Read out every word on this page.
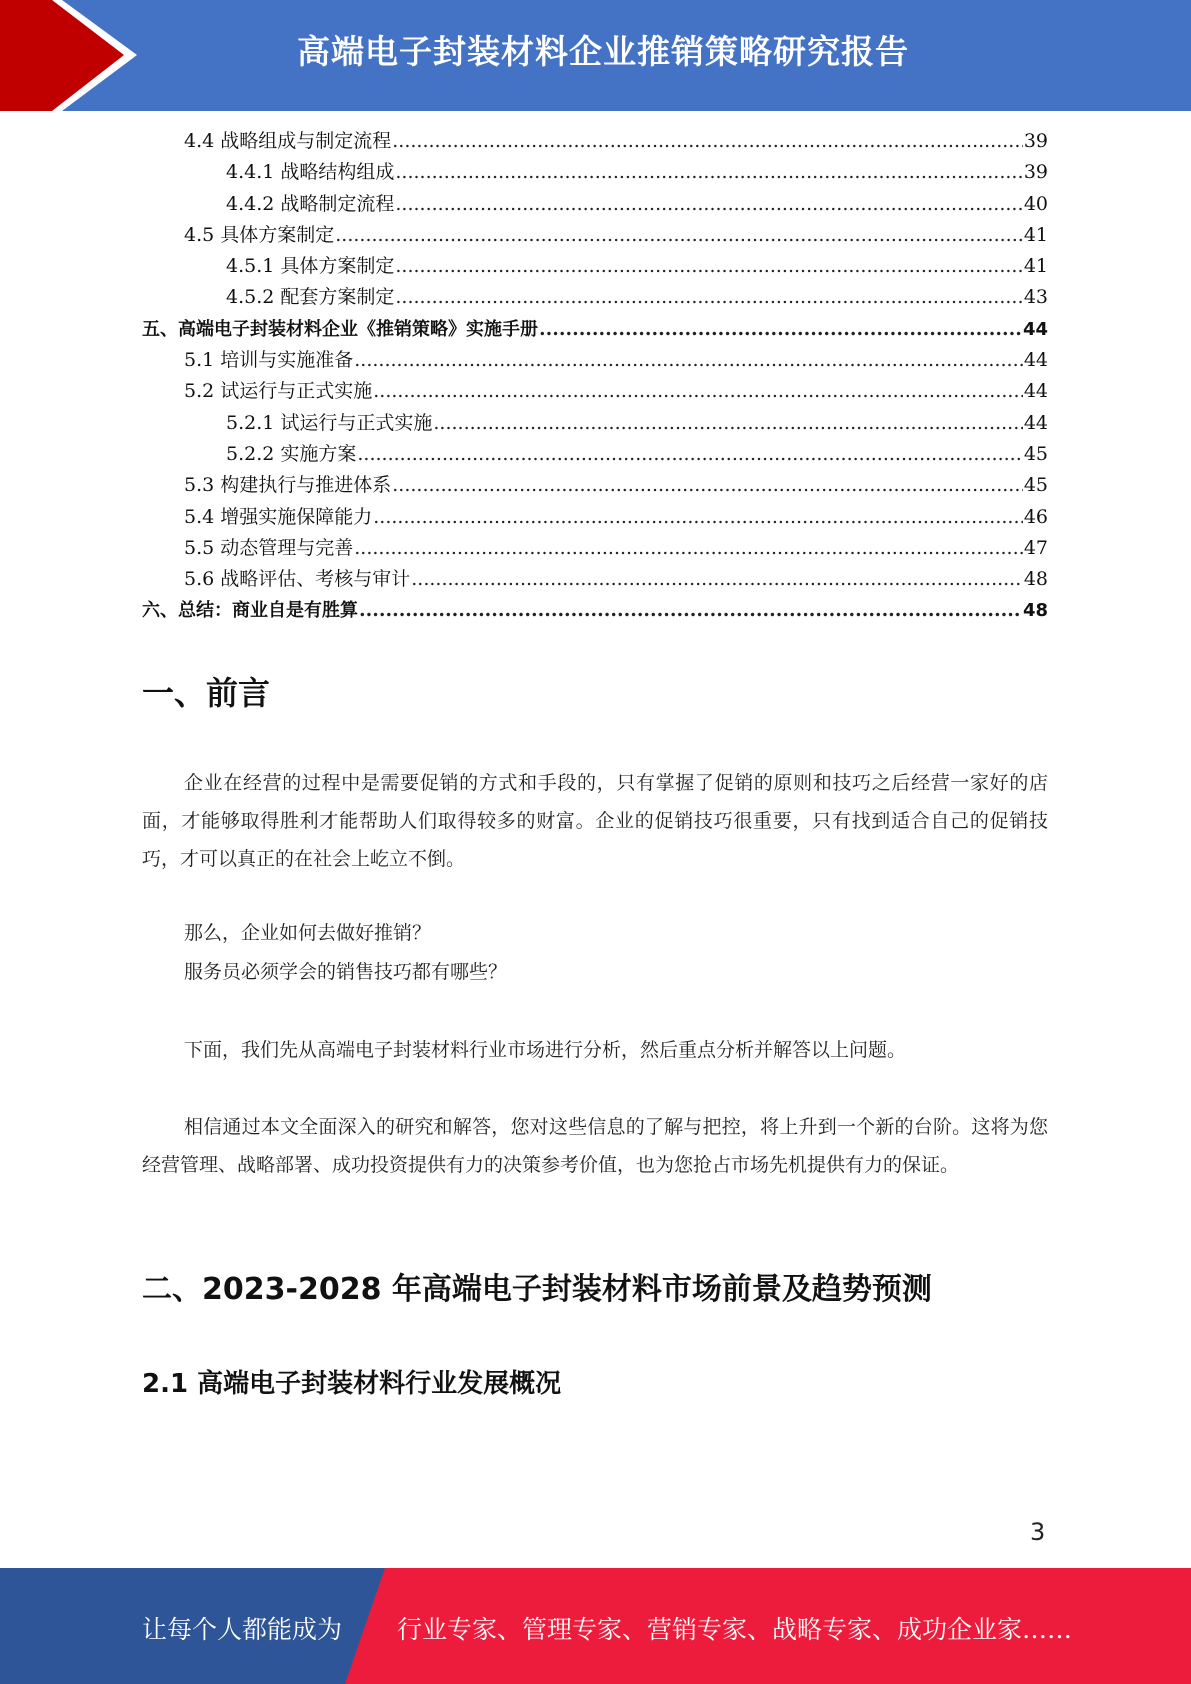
高端电子封装材料企业推销策略研究报告
4.4 战略组成与制定流程 .....	39
4.4.1 战略结构组成 .....	39
4.4.2 战略制定流程 .....	40
4.5 具体方案制定 .....	41
4.5.1 具体方案制定 .....	41
4.5.2 配套方案制定 .....	43
五、高端电子封装材料企业《推销策略》实施手册 .....	44
5.1 培训与实施准备 .....	44
5.2 试运行与正式实施 .....	44
5.2.1 试运行与正式实施 .....	44
5.2.2 实施方案 .....	45
5.3 构建执行与推进体系 .....	45
5.4 增强实施保障能力 .....	46
5.5 动态管理与完善 .....	47
5.6 战略评估、考核与审计 .....	48
六、总结：商业自是有胜算 .....	48
一、前言
企业在经营的过程中是需要促销的方式和手段的，只有掌握了促销的原则和技巧之后经营一家好的店面，才能够取得胜利才能帮助人们取得较多的财富。企业的促销技巧很重要，只有找到适合自己的促销技巧，才可以真正的在社会上屹立不倒。
那么，企业如何去做好推销？
服务员必须学会的销售技巧都有哪些？
下面，我们先从高端电子封装材料行业市场进行分析，然后重点分析并解答以上问题。
相信通过本文全面深入的研究和解答，您对这些信息的了解与把控，将上升到一个新的台阶。这将为您经营管理、战略部署、成功投资提供有力的决策参考价值，也为您抢占市场先机提供有力的保证。
二、2023-2028 年高端电子封装材料市场前景及趋势预测
2.1 高端电子封装材料行业发展概况
3
让每个人都能成为 行业专家、管理专家、营销专家、战略专家、成功企业家……
